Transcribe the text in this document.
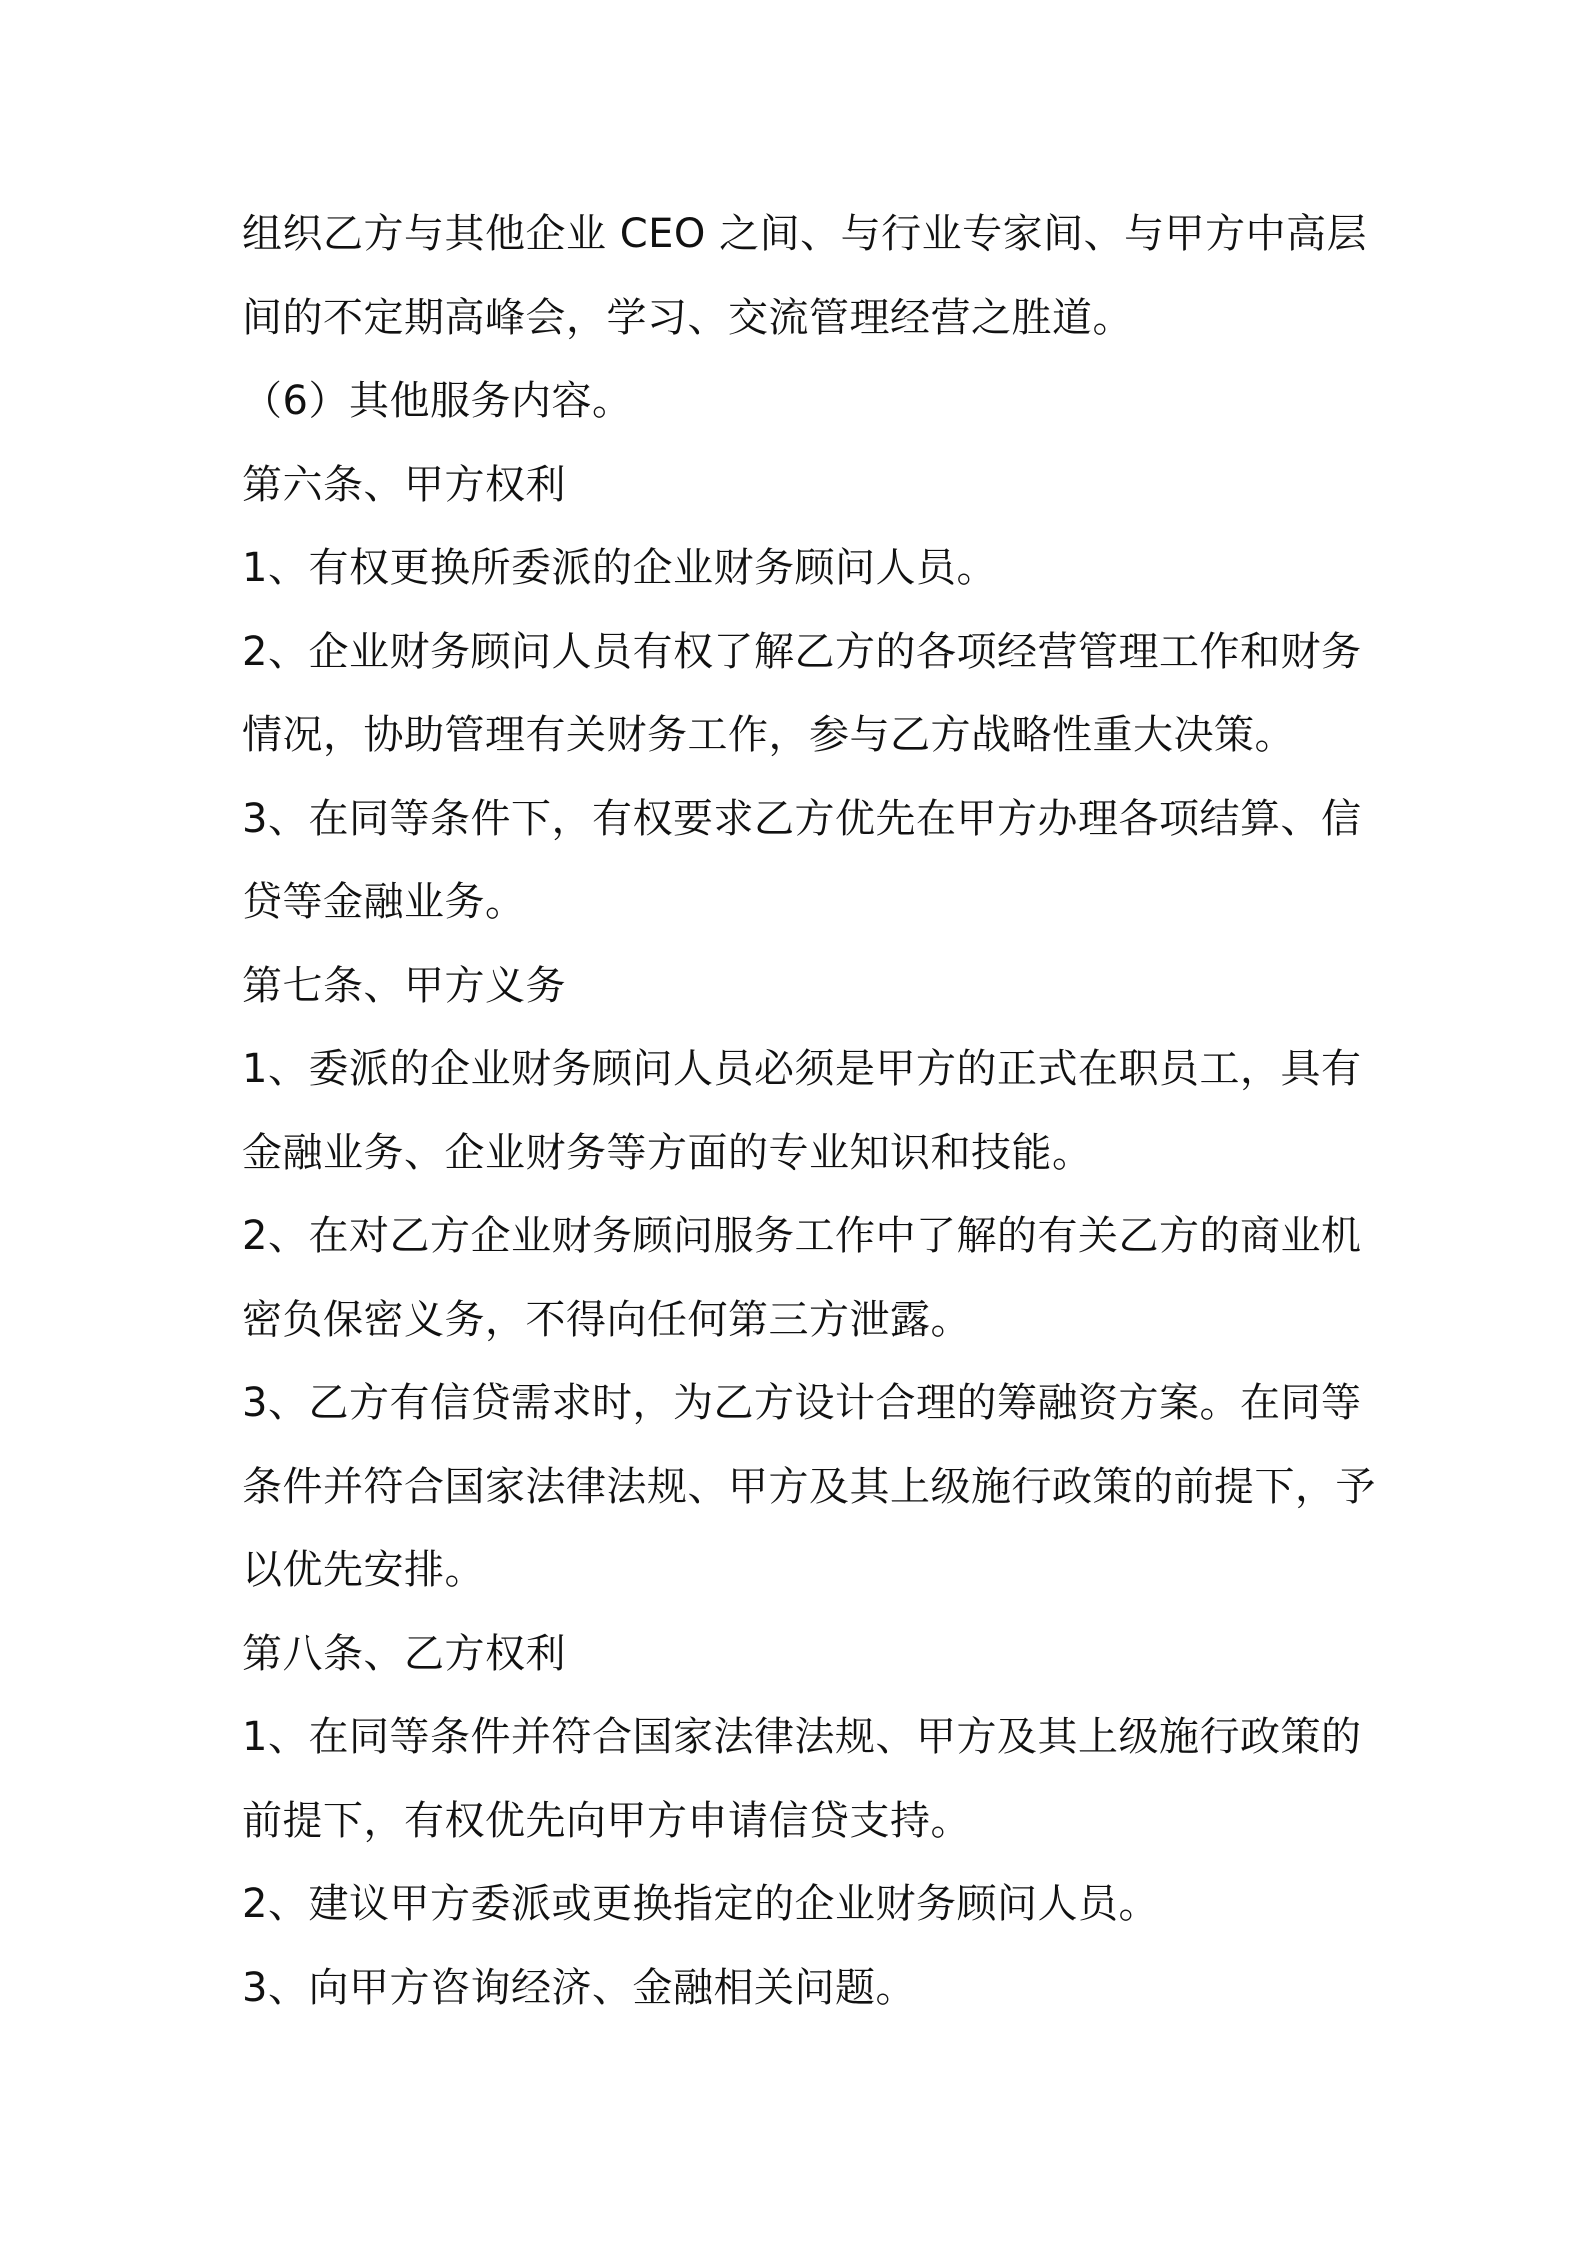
组织乙方与其他企业 CEO 之间、与行业专家间、与甲方中高层
间的不定期高峰会，学习、交流管理经营之胜道。
（6）其他服务内容。
第六条、甲方权利
1、有权更换所委派的企业财务顾问人员。
2、企业财务顾问人员有权了解乙方的各项经营管理工作和财务
情况，协助管理有关财务工作，参与乙方战略性重大决策。
3、在同等条件下，有权要求乙方优先在甲方办理各项结算、信
贷等金融业务。
第七条、甲方义务
1、委派的企业财务顾问人员必须是甲方的正式在职员工，具有
金融业务、企业财务等方面的专业知识和技能。
2、在对乙方企业财务顾问服务工作中了解的有关乙方的商业机
密负保密义务，不得向任何第三方泄露。
3、乙方有信贷需求时，为乙方设计合理的筹融资方案。在同等
条件并符合国家法律法规、甲方及其上级施行政策的前提下，予
以优先安排。
第八条、乙方权利
1、在同等条件并符合国家法律法规、甲方及其上级施行政策的
前提下，有权优先向甲方申请信贷支持。
2、建议甲方委派或更换指定的企业财务顾问人员。
3、向甲方咨询经济、金融相关问题。
